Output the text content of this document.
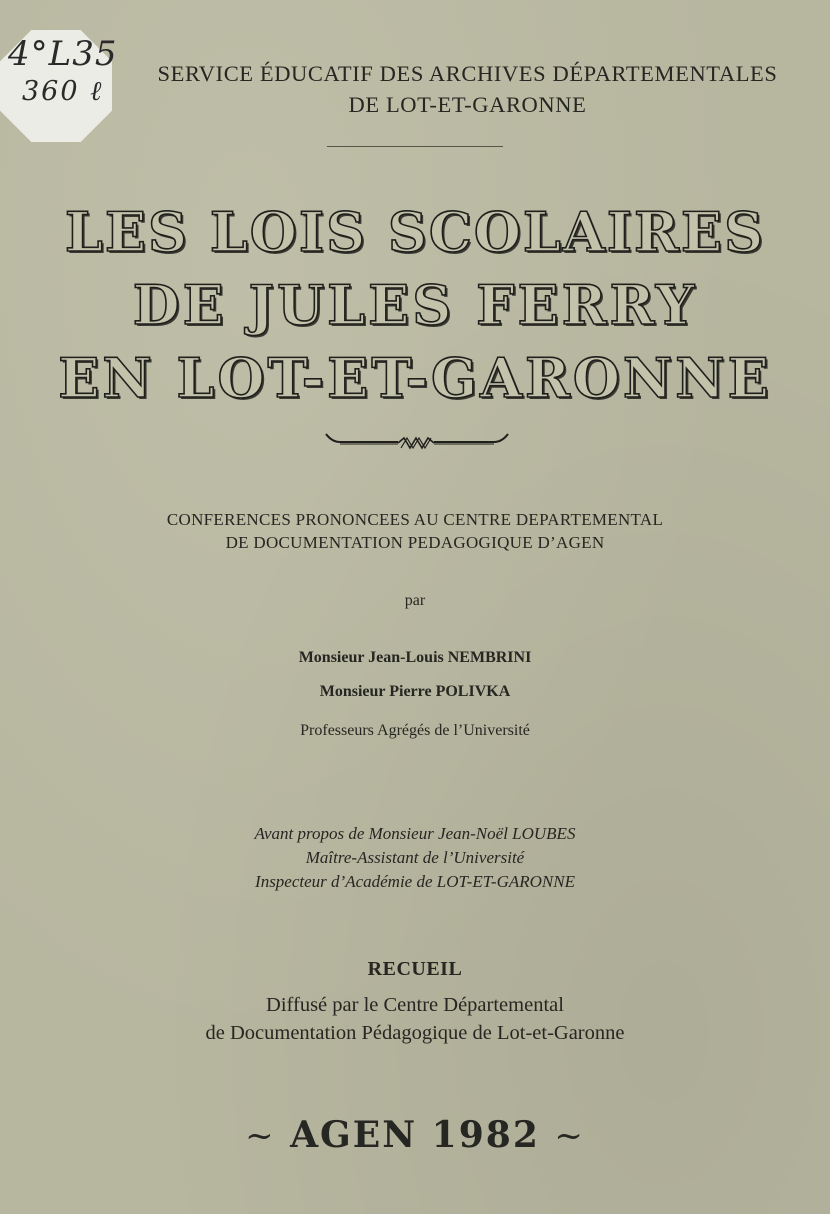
4°L35
360 ℓ
SERVICE ÉDUCATIF DES ARCHIVES DÉPARTEMENTALES
DE LOT-ET-GARONNE
LES LOIS SCOLAIRES
DE JULES FERRY
EN LOT-ET-GARONNE
CONFERENCES PRONONCEES AU CENTRE DEPARTEMENTAL
DE DOCUMENTATION PEDAGOGIQUE D’AGEN
par
Monsieur Jean-Louis NEMBRINI
Monsieur Pierre POLIVKA
Professeurs Agrégés de l’Université
Avant propos de Monsieur Jean-Noël LOUBES
Maître-Assistant de l’Université
Inspecteur d’Académie de LOT-ET-GARONNE
RECUEIL
Diffusé par le Centre Départemental
de Documentation Pédagogique de Lot-et-Garonne
~ AGEN 1982 ~
